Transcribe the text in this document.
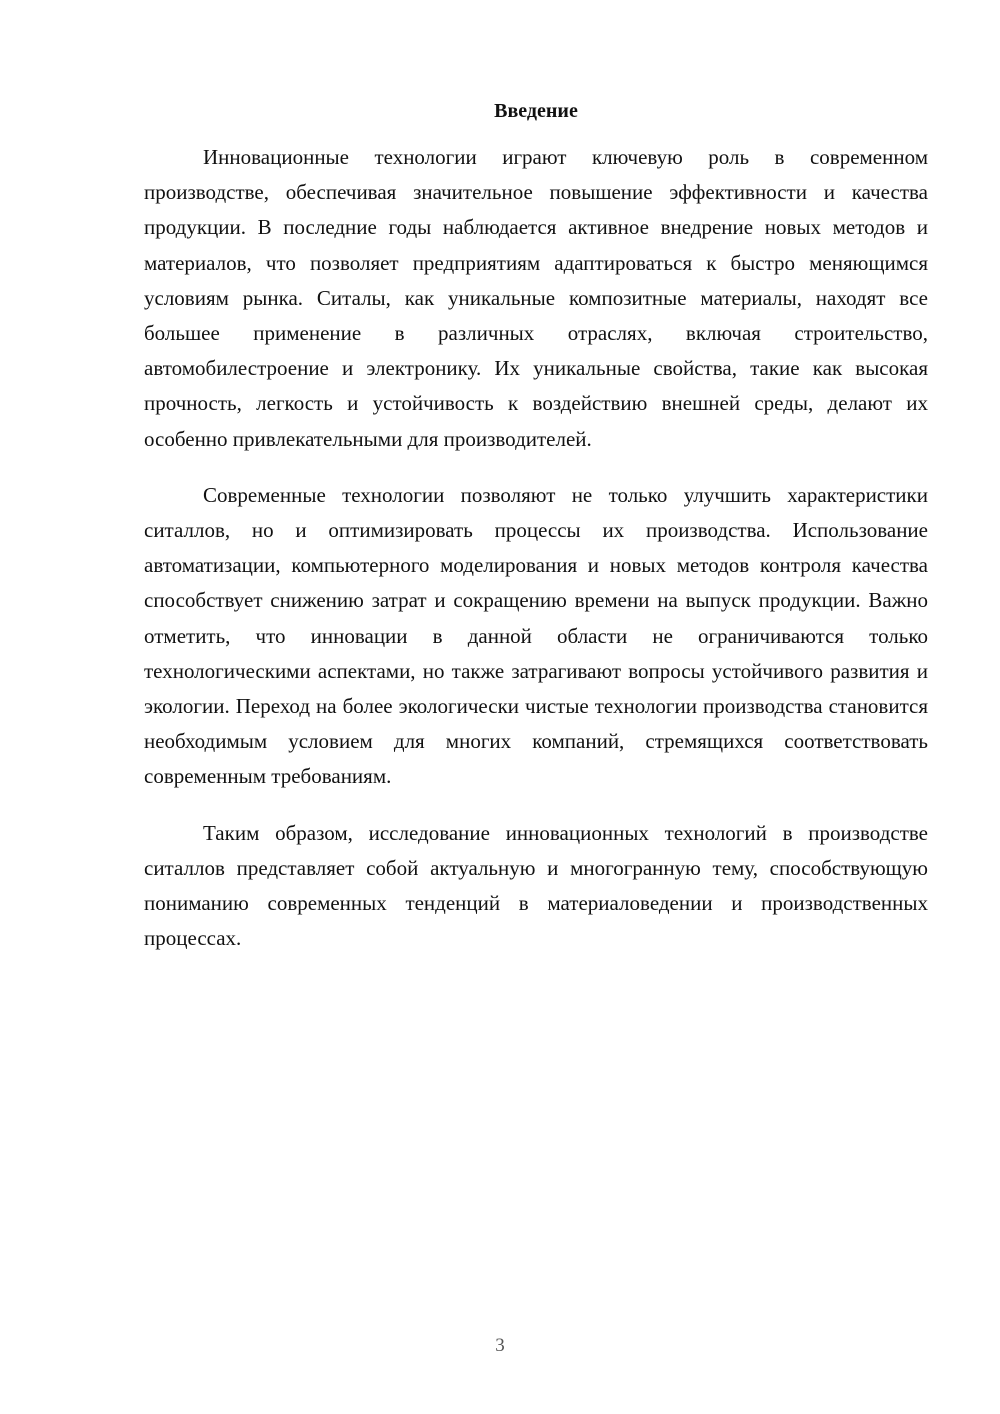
Введение

Инновационные технологии играют ключевую роль в современном производстве, обеспечивая значительное повышение эффективности и качества продукции. В последние годы наблюдается активное внедрение новых методов и материалов, что позволяет предприятиям адаптироваться к быстро меняющимся условиям рынка. Ситалы, как уникальные композитные материалы, находят все большее применение в различных отраслях, включая строительство, автомобилестроение и электронику. Их уникальные свойства, такие как высокая прочность, легкость и устойчивость к воздействию внешней среды, делают их особенно привлекательными для производителей.

Современные технологии позволяют не только улучшить характеристики ситаллов, но и оптимизировать процессы их производства. Использование автоматизации, компьютерного моделирования и новых методов контроля качества способствует снижению затрат и сокращению времени на выпуск продукции. Важно отметить, что инновации в данной области не ограничиваются только технологическими аспектами, но также затрагивают вопросы устойчивого развития и экологии. Переход на более экологически чистые технологии производства становится необходимым условием для многих компаний, стремящихся соответствовать современным требованиям.

Таким образом, исследование инновационных технологий в производстве ситаллов представляет собой актуальную и многогранную тему, способствующую пониманию современных тенденций в материаловедении и производственных процессах.

3
